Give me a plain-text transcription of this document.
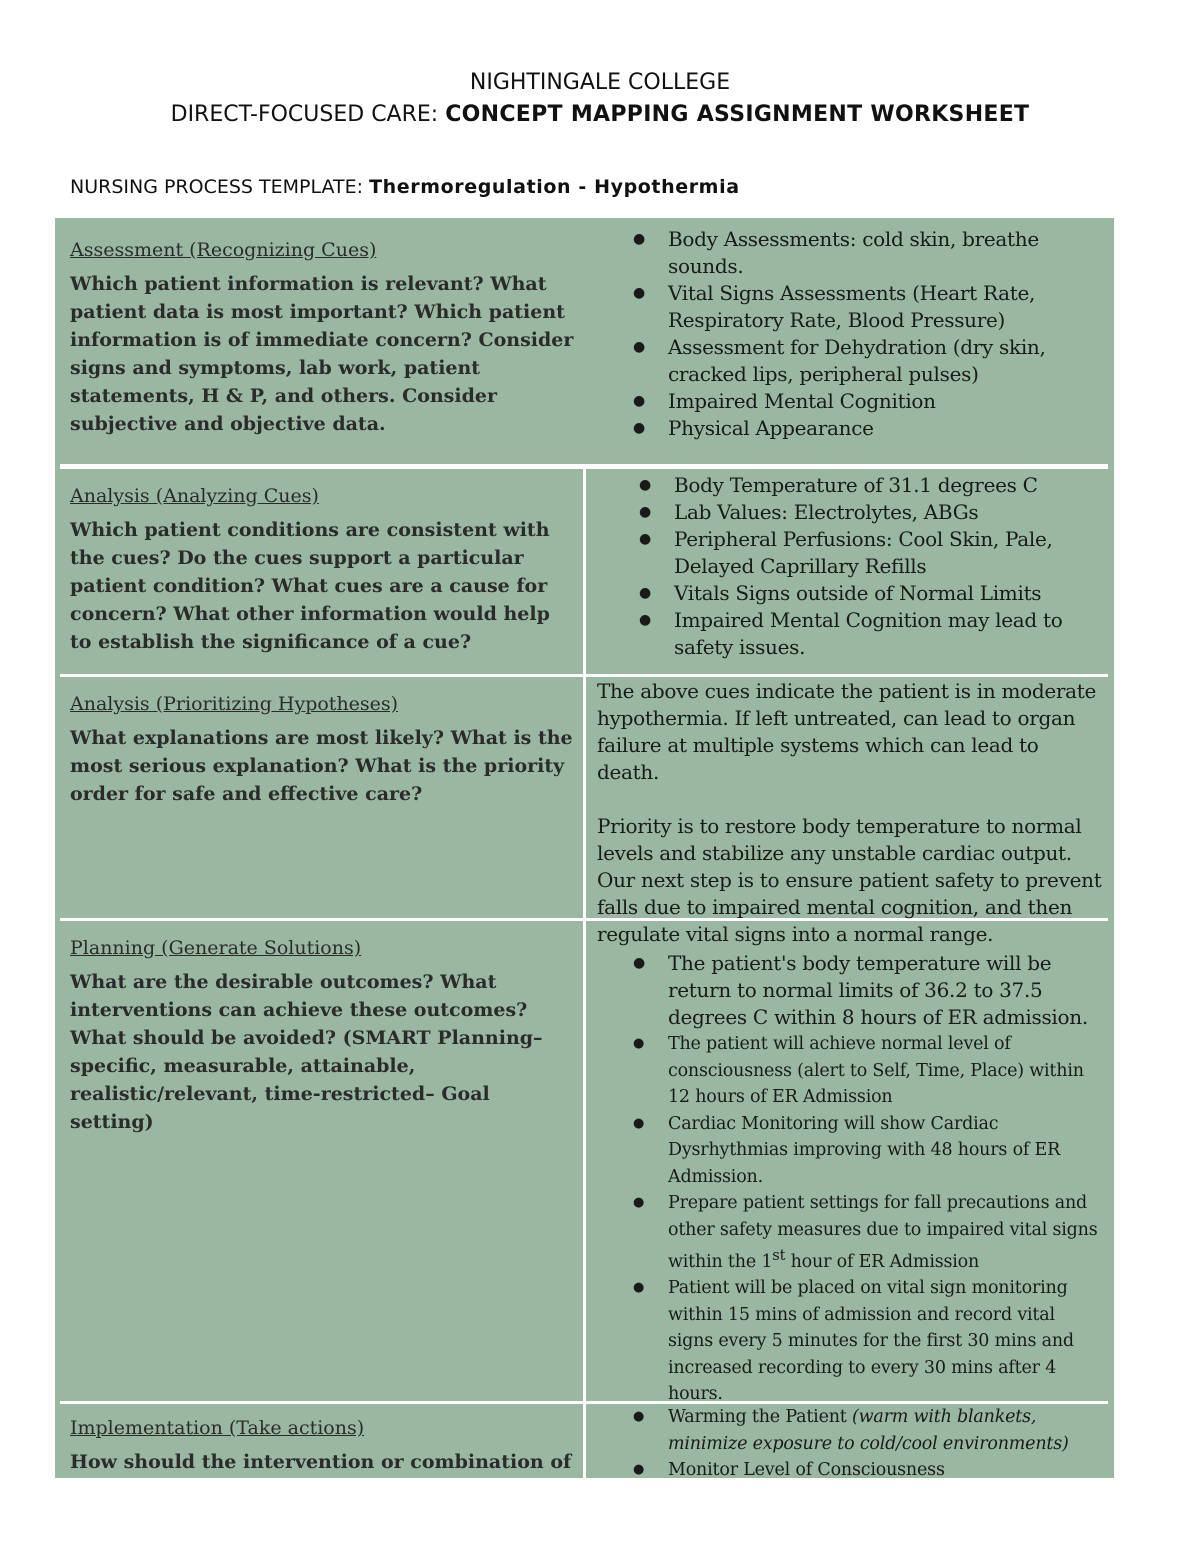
NIGHTINGALE COLLEGE
DIRECT-FOCUSED CARE: CONCEPT MAPPING ASSIGNMENT WORKSHEET
NURSING PROCESS TEMPLATE: Thermoregulation - Hypothermia
Assessment (Recognizing Cues)
Which patient information is relevant? What patient data is most important? Which patient information is of immediate concern? Consider signs and symptoms, lab work, patient statements, H & P, and others. Consider subjective and objective data.
● Body Assessments: cold skin, breathe sounds.
● Vital Signs Assessments (Heart Rate, Respiratory Rate, Blood Pressure)
● Assessment for Dehydration (dry skin, cracked lips, peripheral pulses)
● Impaired Mental Cognition
● Physical Appearance
Analysis (Analyzing Cues)
Which patient conditions are consistent with the cues? Do the cues support a particular patient condition? What cues are a cause for concern? What other information would help to establish the significance of a cue?
● Body Temperature of 31.1 degrees C
● Lab Values: Electrolytes, ABGs
● Peripheral Perfusions: Cool Skin, Pale, Delayed Caprillary Refills
● Vitals Signs outside of Normal Limits
● Impaired Mental Cognition may lead to safety issues.
Analysis (Prioritizing Hypotheses)
What explanations are most likely? What is the most serious explanation? What is the priority order for safe and effective care?

The above cues indicate the patient is in moderate hypothermia. If left untreated, can lead to organ failure at multiple systems which can lead to death.

Priority is to restore body temperature to normal levels and stabilize any unstable cardiac output. Our next step is to ensure patient safety to prevent falls due to impaired mental cognition, and then regulate vital signs into a normal range.

Planning (Generate Solutions)
What are the desirable outcomes? What interventions can achieve these outcomes? What should be avoided? (SMART Planning– specific, measurable, attainable, realistic/relevant, time-restricted– Goal setting)
● The patient's body temperature will be return to normal limits of 36.2 to 37.5 degrees C within 8 hours of ER admission.
● The patient will achieve normal level of consciousness (alert to Self, Time, Place) within 12 hours of ER Admission
● Cardiac Monitoring will show Cardiac Dysrhythmias improving with 48 hours of ER Admission.
● Prepare patient settings for fall precautions and other safety measures due to impaired vital signs within the 1st hour of ER Admission
● Patient will be placed on vital sign monitoring within 15 mins of admission and record vital signs every 5 minutes for the first 30 mins and increased recording to every 30 mins after 4 hours.
Implementation (Take actions)
How should the intervention or combination of
● Warming the Patient (warm with blankets, minimize exposure to cold/cool environments)
● Monitor Level of Consciousness
